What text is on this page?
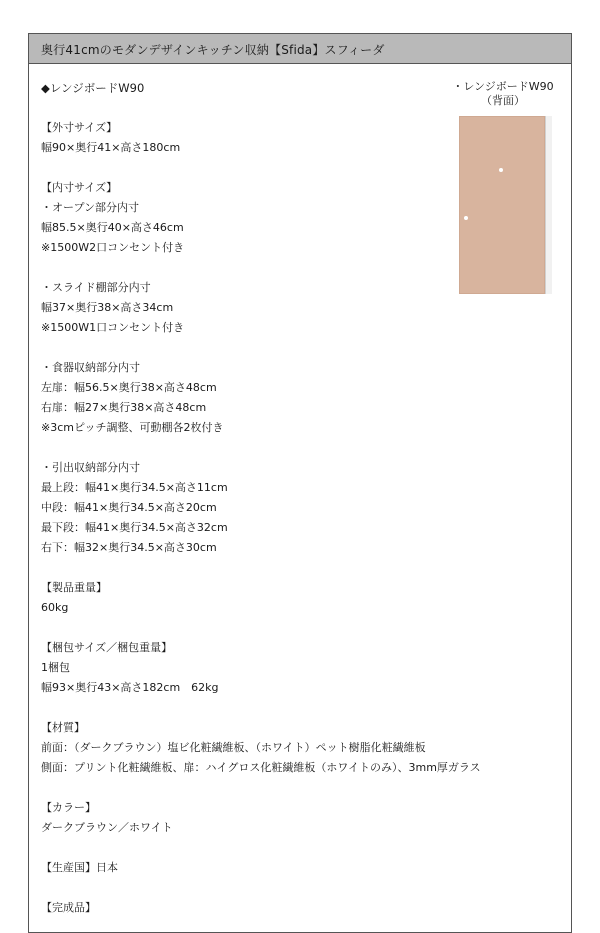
奥行41cmのモダンデザインキッチン収納【Sfida】スフィーダ
◆レンジボードW90
【外寸サイズ】
幅90×奥行41×高さ180cm
【内寸サイズ】
・オープン部分内寸
幅85.5×奥行40×高さ46cm
※1500W2口コンセント付き
・スライド棚部分内寸
幅37×奥行38×高さ34cm
※1500W1口コンセント付き
・食器収納部分内寸
左扉：幅56.5×奥行38×高さ48cm
右扉：幅27×奥行38×高さ48cm
※3cmピッチ調整、可動棚各2枚付き
・引出収納部分内寸
最上段：幅41×奥行34.5×高さ11cm
中段：幅41×奥行34.5×高さ20cm
最下段：幅41×奥行34.5×高さ32cm
右下：幅32×奥行34.5×高さ30cm
【製品重量】
60kg
【梱包サイズ／梱包重量】
1梱包
幅93×奥行43×高さ182cm　62kg
【材質】
前面：（ダークブラウン）塩ビ化粧繊維板、（ホワイト）ペット樹脂化粧繊維板
側面：プリント化粧繊維板、扉：ハイグロス化粧繊維板（ホワイトのみ）、3mm厚ガラス
【カラー】
ダークブラウン／ホワイト
【生産国】日本
【完成品】
・レンジボードW90
（背面）
